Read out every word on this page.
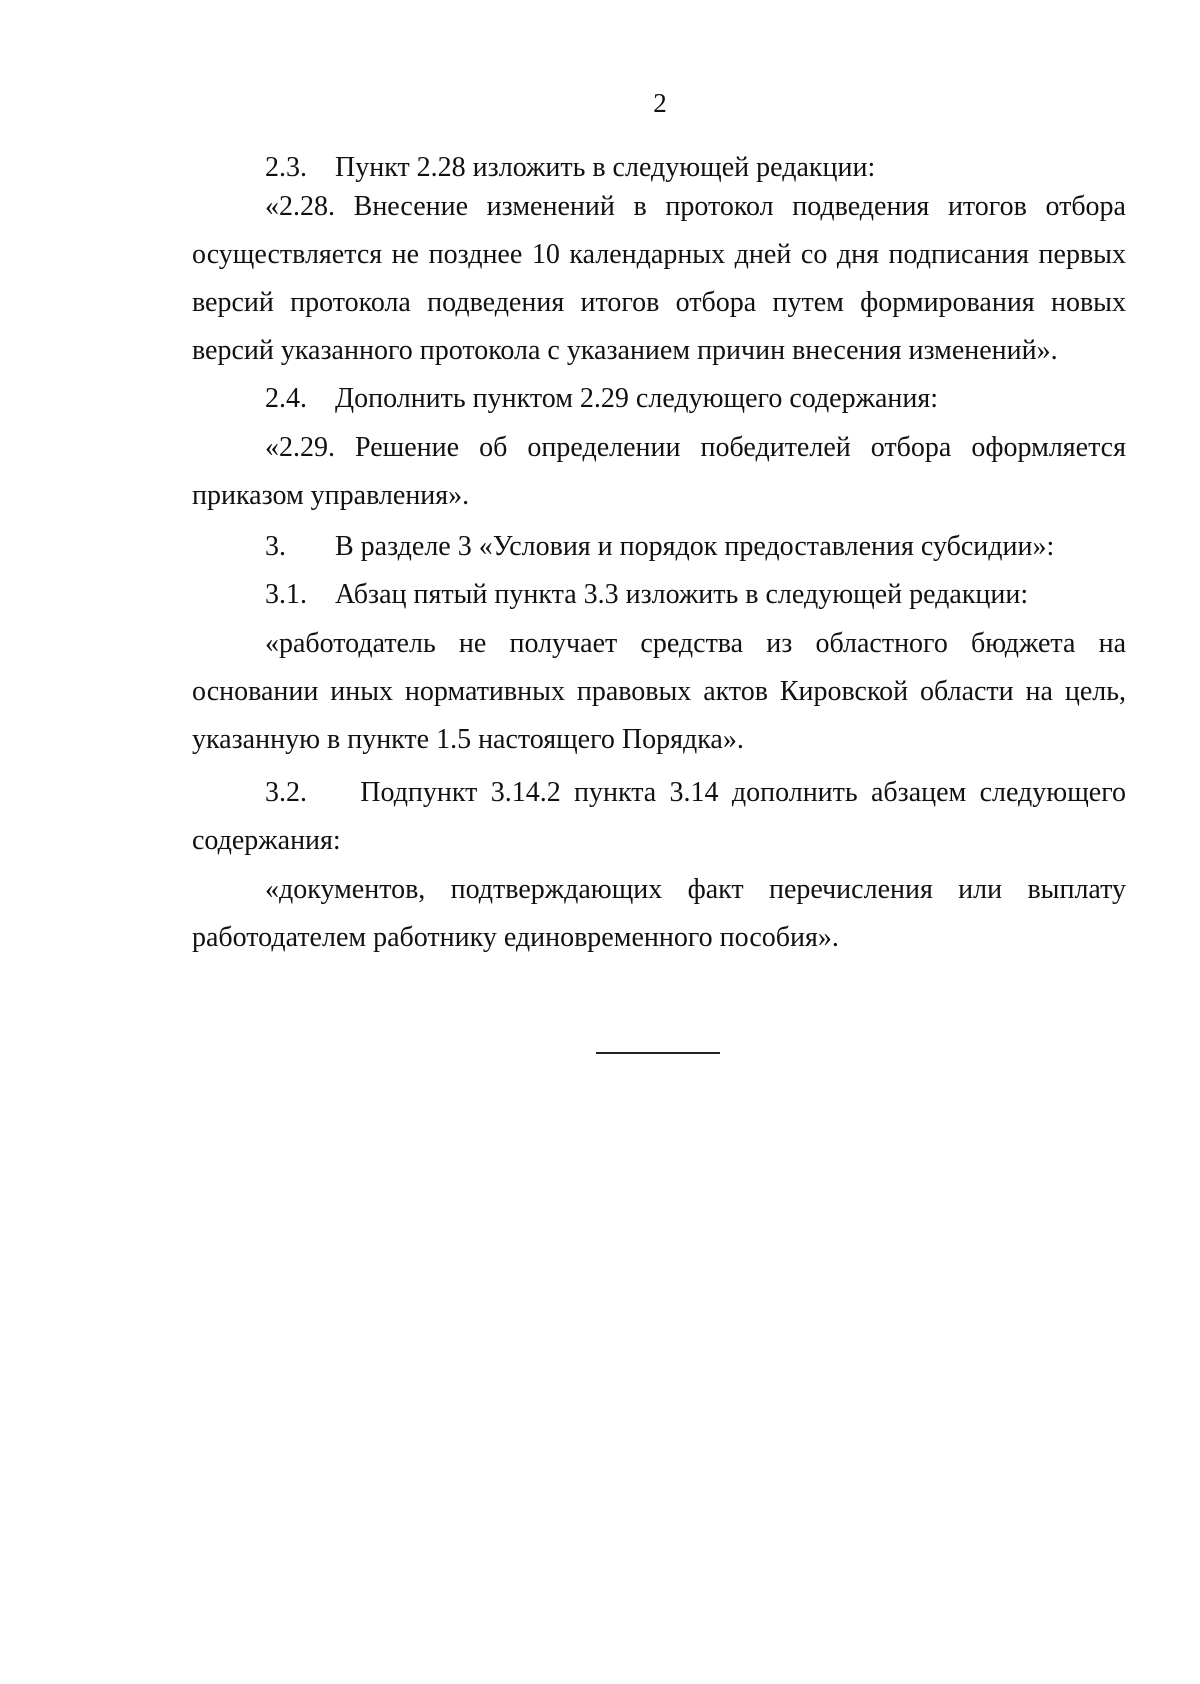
2
2.3. Пункт 2.28 изложить в следующей редакции:

«2.28. Внесение изменений в протокол подведения итогов отбора осуществляется не позднее 10 календарных дней со дня подписания первых версий протокола подведения итогов отбора путем формирования новых версий указанного протокола с указанием причин внесения изменений».

2.4. Дополнить пунктом 2.29 следующего содержания:

«2.29. Решение об определении победителей отбора оформляется приказом управления».

3. В разделе 3 «Условия и порядок предоставления субсидии»:
3.1. Абзац пятый пункта 3.3 изложить в следующей редакции:

«работодатель не получает средства из областного бюджета на основании иных нормативных правовых актов Кировской области на цель, указанную в пункте 1.5 настоящего Порядка».

3.2.    Подпункт 3.14.2 пункта 3.14 дополнить абзацем следующего содержания:

«документов, подтверждающих факт перечисления или выплату работодателем работнику единовременного пособия».
